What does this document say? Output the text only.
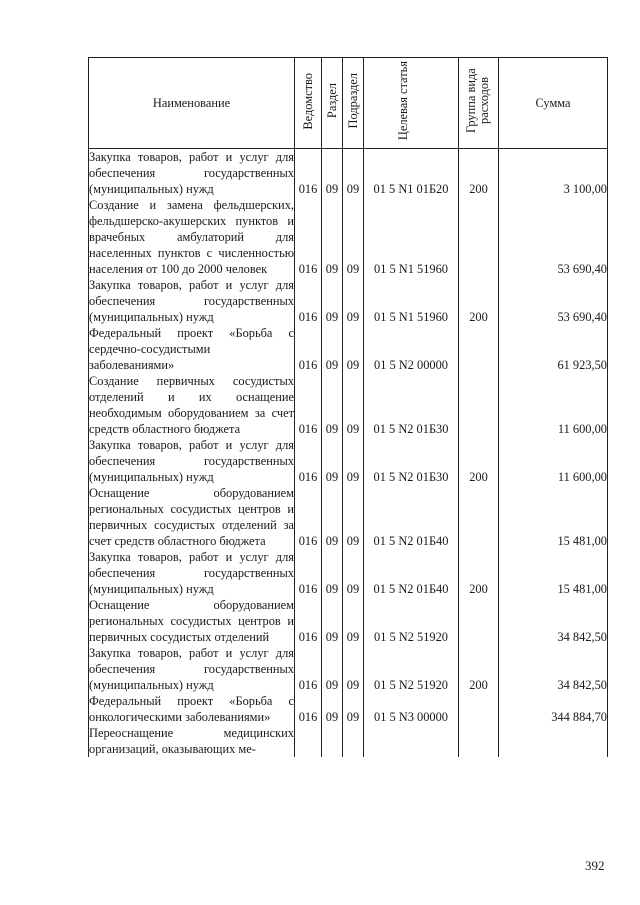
Наименование	Ведомство	Раздел	Подраздел	Целевая статья	Группа вида расходов	Сумма
Закупка товаров, работ и услуг для обеспечения государственных (муниципальных) нужд	016	09	09	01 5 N1 01Б20	200	3 100,00
Создание и замена фельдшерских, фельдшерско-акушерских пунктов и врачебных амбулаторий для населенных пунктов с численностью населения от 100 до 2000 человек	016	09	09	01 5 N1 51960		53 690,40
Закупка товаров, работ и услуг для обеспечения государственных (муниципальных) нужд	016	09	09	01 5 N1 51960	200	53 690,40
Федеральный проект «Борьба с сердечно-сосудистыми заболеваниями»	016	09	09	01 5 N2 00000		61 923,50
Создание первичных сосудистых отделений и их оснащение необходимым оборудованием за счет средств областного бюджета	016	09	09	01 5 N2 01Б30		11 600,00
Закупка товаров, работ и услуг для обеспечения государственных (муниципальных) нужд	016	09	09	01 5 N2 01Б30	200	11 600,00
Оснащение оборудованием региональных сосудистых центров и первичных сосудистых отделений за счет средств областного бюджета	016	09	09	01 5 N2 01Б40		15 481,00
Закупка товаров, работ и услуг для обеспечения государственных (муниципальных) нужд	016	09	09	01 5 N2 01Б40	200	15 481,00
Оснащение оборудованием региональных сосудистых центров и первичных сосудистых отделений	016	09	09	01 5 N2 51920		34 842,50
Закупка товаров, работ и услуг для обеспечения государственных (муниципальных) нужд	016	09	09	01 5 N2 51920	200	34 842,50
Федеральный проект «Борьба с онкологическими заболеваниями»	016	09	09	01 5 N3 00000		344 884,70
Переоснащение медицинских организаций, оказывающих ме-						
392
